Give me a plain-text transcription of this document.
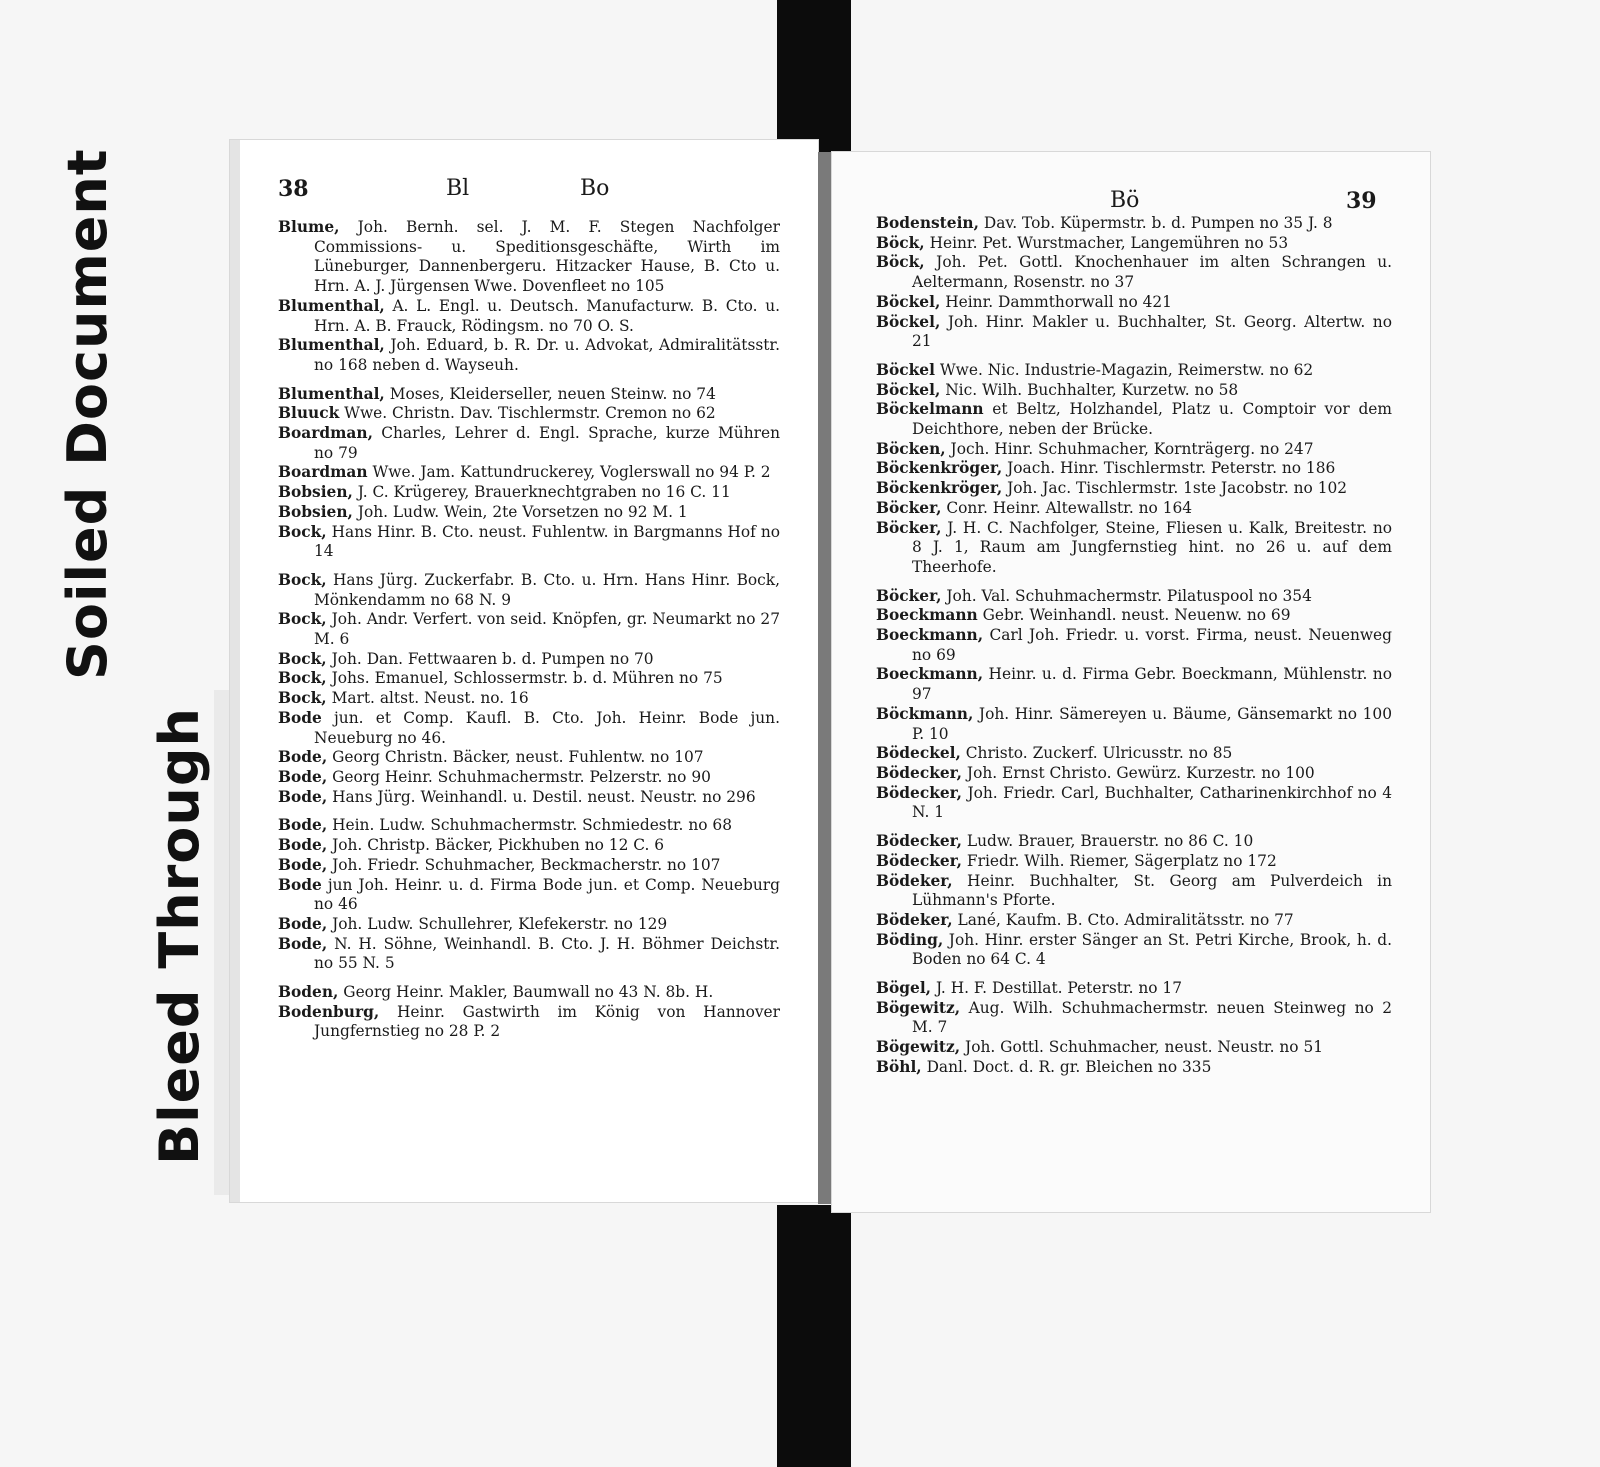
Soiled Document
Bleed Through
38	Bl	Bo
Blume, Joh. Bernh. sel. J. M. F. Stegen Nachfolger Commissions- u. Speditionsgeschäfte, Wirth im Lüneburger, Dannenbergeru. Hitzacker Hause, B. Cto u. Hrn. A. J. Jürgensen Wwe. Dovenfleet no 105
Blumenthal, A. L. Engl. u. Deutsch. Manufacturw. B. Cto. u. Hrn. A. B. Frauck, Rödingsm. no 70 O. S.
Blumenthal, Joh. Eduard, b. R. Dr. u. Advokat, Admiralitätsstr. no 168 neben d. Wayseuh.
Blumenthal, Moses, Kleiderseller, neuen Steinw. no 74
Bluuck Wwe. Christn. Dav. Tischlermstr. Cremon no 62
Boardman, Charles, Lehrer d. Engl. Sprache, kurze Mühren no 79
Boardman Wwe. Jam. Kattundruckerey, Voglerswall no 94 P. 2
Bobsien, J. C. Krügerey, Brauerknechtgraben no 16 C. 11
Bobsien, Joh. Ludw. Wein, 2te Vorsetzen no 92 M. 1
Bock, Hans Hinr. B. Cto. neust. Fuhlentw. in Bargmanns Hof no 14
Bock, Hans Jürg. Zuckerfabr. B. Cto. u. Hrn. Hans Hinr. Bock, Mönkendamm no 68 N. 9
Bock, Joh. Andr. Verfert. von seid. Knöpfen, gr. Neumarkt no 27 M. 6
Bock, Joh. Dan. Fettwaaren b. d. Pumpen no 70
Bock, Johs. Emanuel, Schlossermstr. b. d. Mühren no 75
Bock, Mart. altst. Neust. no. 16
Bode jun. et Comp. Kaufl. B. Cto. Joh. Heinr. Bode jun. Neueburg no 46.
Bode, Georg Christn. Bäcker, neust. Fuhlentw. no 107
Bode, Georg Heinr. Schuhmachermstr. Pelzerstr. no 90
Bode, Hans Jürg. Weinhandl. u. Destil. neust. Neustr. no 296
Bode, Hein. Ludw. Schuhmachermstr. Schmiedestr. no 68
Bode, Joh. Christp. Bäcker, Pickhuben no 12 C. 6
Bode, Joh. Friedr. Schuhmacher, Beckmacherstr. no 107
Bode jun Joh. Heinr. u. d. Firma Bode jun. et Comp. Neueburg no 46
Bode, Joh. Ludw. Schullehrer, Klefekerstr. no 129
Bode, N. H. Söhne, Weinhandl. B. Cto. J. H. Böhmer Deichstr. no 55 N. 5
Boden, Georg Heinr. Makler, Baumwall no 43 N. 8b. H.
Bodenburg, Heinr. Gastwirth im König von Hannover Jungfernstieg no 28 P. 2
Bö	39
Bodenstein, Dav. Tob. Küpermstr. b. d. Pumpen no 35 J. 8
Böck, Heinr. Pet. Wurstmacher, Langemühren no 53
Böck, Joh. Pet. Gottl. Knochenhauer im alten Schrangen u. Aeltermann, Rosenstr. no 37
Böckel, Heinr. Dammthorwall no 421
Böckel, Joh. Hinr. Makler u. Buchhalter, St. Georg. Altertw. no 21
Böckel Wwe. Nic. Industrie-Magazin, Reimerstw. no 62
Böckel, Nic. Wilh. Buchhalter, Kurzetw. no 58
Böckelmann et Beltz, Holzhandel, Platz u. Comptoir vor dem Deichthore, neben der Brücke.
Böcken, Joch. Hinr. Schuhmacher, Kornträgerg. no 247
Böckenkröger, Joach. Hinr. Tischlermstr. Peterstr. no 186
Böckenkröger, Joh. Jac. Tischlermstr. 1ste Jacobstr. no 102
Böcker, Conr. Heinr. Altewallstr. no 164
Böcker, J. H. C. Nachfolger, Steine, Fliesen u. Kalk, Breitestr. no 8 J. 1, Raum am Jungfernstieg hint. no 26 u. auf dem Theerhofe.
Böcker, Joh. Val. Schuhmachermstr. Pilatuspool no 354
Boeckmann Gebr. Weinhandl. neust. Neuenw. no 69
Boeckmann, Carl Joh. Friedr. u. vorst. Firma, neust. Neuenweg no 69
Boeckmann, Heinr. u. d. Firma Gebr. Boeckmann, Mühlenstr. no 97
Böckmann, Joh. Hinr. Sämereyen u. Bäume, Gänsemarkt no 100 P. 10
Bödeckel, Christo. Zuckerf. Ulricusstr. no 85
Bödecker, Joh. Ernst Christo. Gewürz. Kurzestr. no 100
Bödecker, Joh. Friedr. Carl, Buchhalter, Catharinenkirchhof no 4 N. 1
Bödecker, Ludw. Brauer, Brauerstr. no 86 C. 10
Bödecker, Friedr. Wilh. Riemer, Sägerplatz no 172
Bödeker, Heinr. Buchhalter, St. Georg am Pulverdeich in Lühmann's Pforte.
Bödeker, Lané, Kaufm. B. Cto. Admiralitätsstr. no 77
Böding, Joh. Hinr. erster Sänger an St. Petri Kirche, Brook, h. d. Boden no 64 C. 4
Bögel, J. H. F. Destillat. Peterstr. no 17
Bögewitz, Aug. Wilh. Schuhmachermstr. neuen Steinweg no 2 M. 7
Bögewitz, Joh. Gottl. Schuhmacher, neust. Neustr. no 51
Böhl, Danl. Doct. d. R. gr. Bleichen no 335
